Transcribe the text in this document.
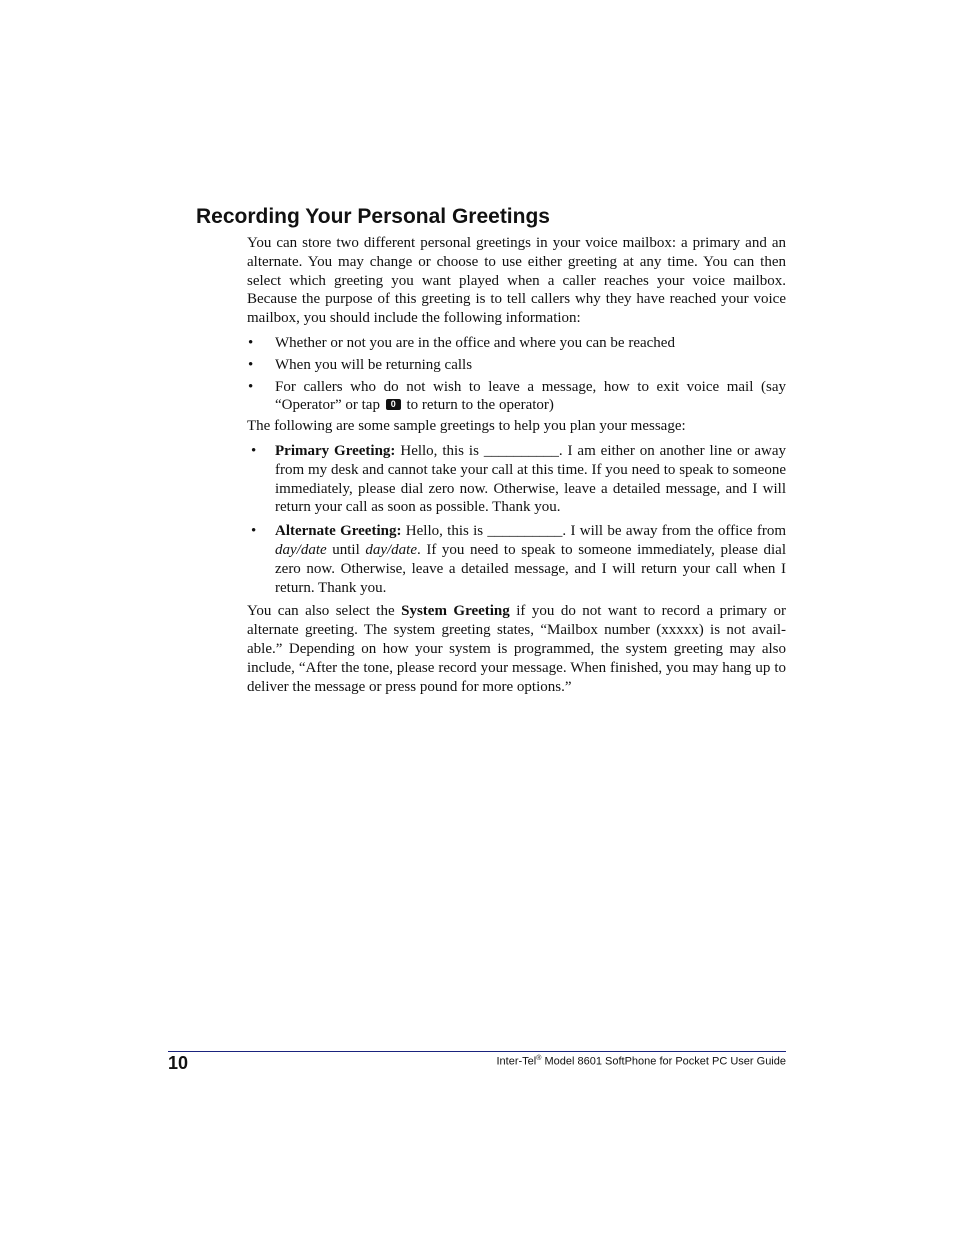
Recording Your Personal Greetings

You can store two different personal greetings in your voice mailbox: a primary and an alternate. You may change or choose to use either greeting at any time. You can then select which greeting you want played when a caller reaches your voice mailbox. Because the purpose of this greeting is to tell callers why they have reached your voice mailbox, you should include the following information:

• Whether or not you are in the office and where you can be reached
• When you will be returning calls
• For callers who do not wish to leave a message, how to exit voice mail (say “Operator” or tap 0 to return to the operator)

The following are some sample greetings to help you plan your message:

• Primary Greeting: Hello, this is __________. I am either on another line or away from my desk and cannot take your call at this time. If you need to speak to someone immediately, please dial zero now. Otherwise, leave a detailed message, and I will return your call as soon as possible. Thank you.
• Alternate Greeting: Hello, this is __________. I will be away from the office from day/date until day/date. If you need to speak to someone immediately, please dial zero now. Otherwise, leave a detailed message, and I will return your call when I return. Thank you.

You can also select the System Greeting if you do not want to record a primary or alternate greeting. The system greeting states, “Mailbox number (xxxxx) is not avail- able.” Depending on how your system is programmed, the system greeting may also include, “After the tone, please record your message. When finished, you may hang up to deliver the message or press pound for more options.”

10	Inter-Tel® Model 8601 SoftPhone for Pocket PC User Guide
